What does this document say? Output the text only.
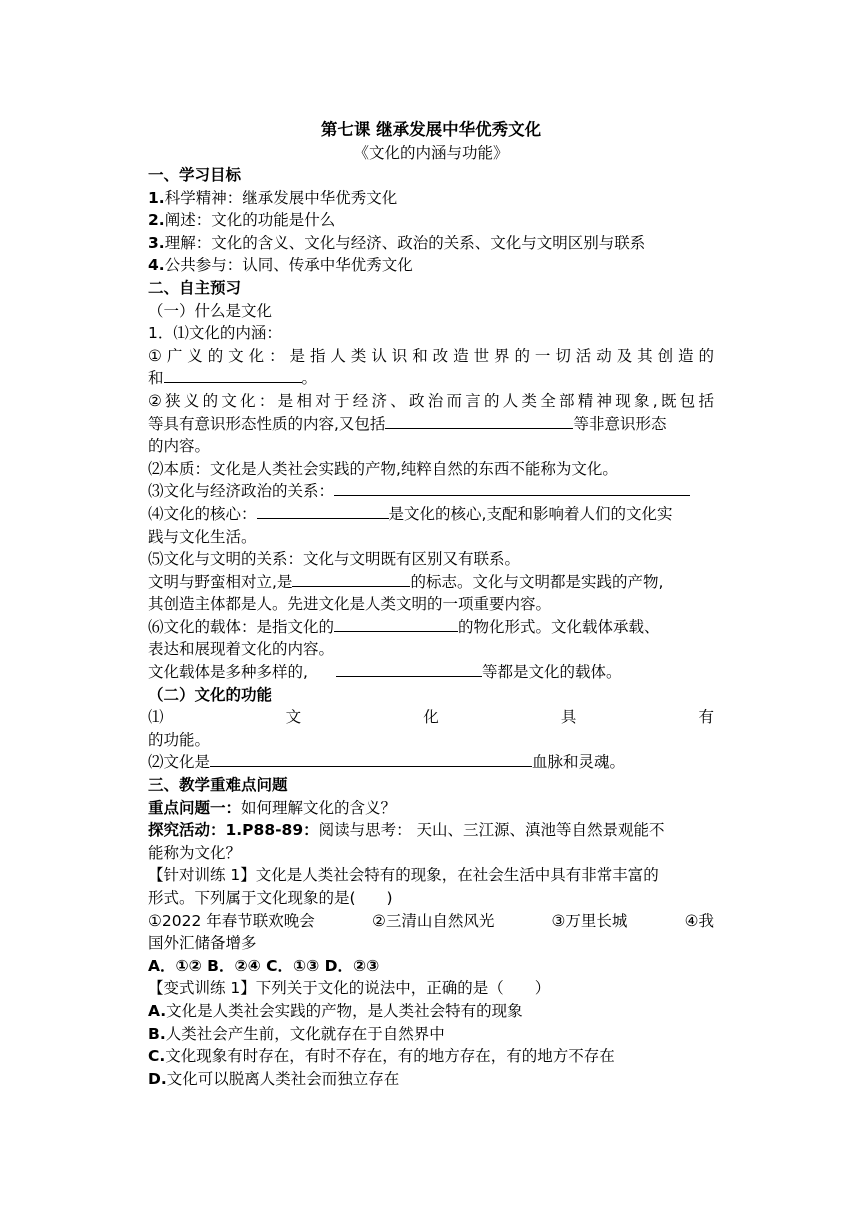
第七课 继承发展中华优秀文化
《文化的内涵与功能》
一、学习目标
1.科学精神：继承发展中华优秀文化
2.阐述：文化的功能是什么
3.理解：文化的含义、文化与经济、政治的关系、文化与文明区别与联系
4.公共参与：认同、传承中华优秀文化
二、自主预习
（一）什么是文化
1．⑴文化的内涵：
①广义的文化：是指人类认识和改造世界的一切活动及其创造的
和	。
②狭义的文化：是相对于经济、政治而言的人类全部精神现象,既包括
等具有意识形态性质的内容,又包括	等非意识形态
的内容。
⑵本质：文化是人类社会实践的产物,纯粹自然的东西不能称为文化。
⑶文化与经济政治的关系：
⑷文化的核心：	是文化的核心,支配和影响着人们的文化实
践与文化生活。
⑸文化与文明的关系：文化与文明既有区别又有联系。
文明与野蛮相对立,是	的标志。文化与文明都是实践的产物,
其创造主体都是人。先进文化是人类文明的一项重要内容。
⑹文化的载体：是指文化的	的物化形式。文化载体承载、
表达和展现着文化的内容。
文化载体是多种多样的,	等都是文化的载体。
（二）文化的功能
⑴	文	化	具	有
的功能。
⑵文化是	血脉和灵魂。
三、教学重难点问题
重点问题一：如何理解文化的含义？
探究活动：1.P88-89：阅读与思考： 天山、三江源、滇池等自然景观能不
能称为文化？
【针对训练 1】文化是人类社会特有的现象，在社会生活中具有非常丰富的
形式。下列属于文化现象的是(　　)
①2022 年春节联欢晚会	②三清山自然风光	③万里长城	④我
国外汇储备增多
A．①② B．②④ C．①③ D．②③
【变式训练 1】下列关于文化的说法中，正确的是（　　）
A.文化是人类社会实践的产物，是人类社会特有的现象
B.人类社会产生前，文化就存在于自然界中
C.文化现象有时存在，有时不存在，有的地方存在，有的地方不存在
D.文化可以脱离人类社会而独立存在
